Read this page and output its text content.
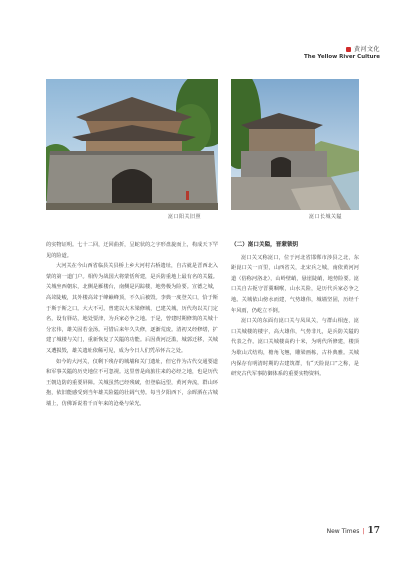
黄河文化
The Yellow River Culture
崑口阳关旧照	崑口长城关隘

的实物证明。七十二回，迂回曲折，呈蛇状的之字形盘旋而上，构成天下罕见的险道。

大河关在今山西省临县关县桥上乡大河村古桥遗址，自古就是晋西北入蒙的第一道门户。相传为战国大将蒙恬所建，是兵防重地上最有名的关隘。关城坐西朝东，北侧是雁楼台，南侧是闪踪楼，地势极为险要。宣德之城，高耸陡峻，其外楼高耸于峰巅峰顶，不久后被毁。李典一度登关口，恰于斯于斯于斯之口。大大不可。曾建以大木梁修城，已建关城，历代均以关门定名，设有驿站，地处要津，为兵家必争之地。于是，曾建时期修筑的关城十分宏伟，雄关固若金汤。可惜后来年久失修，逐渐荒废。清初又经修缮，扩建了城楼与关门，重新恢复了关隘的功能。后因黄河泛滥，城郭迁移，关城又遭损毁，雄关遗址依稀可见，成为今日人们凭吊怀古之处。

如今的大河关，仅剩下残存的城墙和关门遗址，但它作为古代交通要道和军事关隘的历史地位不可忽视。这里曾是商旅往来的必经之地，也是历代王朝边防的重要屏障。关城虽然已经残破，但登临远望，黄河奔流，群山环抱，依旧能感受到当年雄关险隘的壮阔气势。每当夕阳西下，余晖洒在古城墙上，仿佛诉说着千百年来的沧桑与荣光。

（二）崑口关隘，晋蒙锁钥

崑口关又称崑口，位于河北省邯郸市涉县之北，东距崑口关一百里，山西省关，北宋兵之城，南依黄河河道（俗称河洛北），山岭壁峭，悬崖陡峭，地势险要。崑口关自古扼守晋冀咽喉，山水关险，是历代兵家必争之地。关城依山傍水而建，气势雄伟，城墙坚固，历经千年风雨，仍屹立不倒。

崑口关的东面有崑口关与凤凤关，与群山相连，崑口关城楼的楼宇，高大雄伟，气势非凡，是兵防关隘的代表之作。崑口关城楼高约十米，为明代所修建，楼顶为歇山式结构，檐角飞翘，雕梁画栋，古朴典雅。关城内保存有明清时期的古建筑群，有“天险崑口”之称，是研究古代军事防御体系的重要实物资料。

New Times | 17
